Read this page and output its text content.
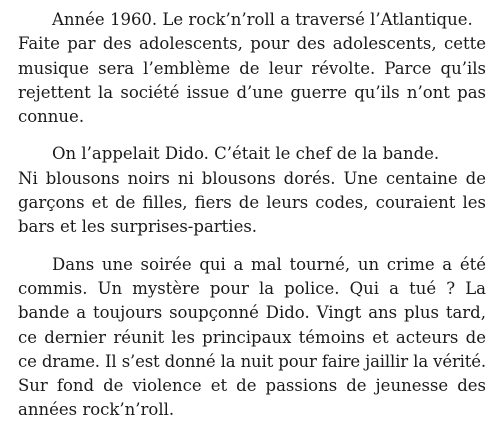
Année 1960. Le rock’n’roll a traversé l’Atlantique.
Faite par des adolescents, pour des adolescents, cette
musique sera l’emblème de leur révolte. Parce qu’ils
rejettent la société issue d’une guerre qu’ils n’ont pas
connue.
On l’appelait Dido. C’était le chef de la bande.
Ni blousons noirs ni blousons dorés. Une centaine de
garçons et de filles, fiers de leurs codes, couraient les
bars et les surprises-parties.
Dans une soirée qui a mal tourné, un crime a été
commis. Un mystère pour la police. Qui a tué ? La
bande a toujours soupçonné Dido. Vingt ans plus tard,
ce dernier réunit les principaux témoins et acteurs de
ce drame. Il s’est donné la nuit pour faire jaillir la vérité.
Sur fond de violence et de passions de jeunesse des
années rock’n’roll.
